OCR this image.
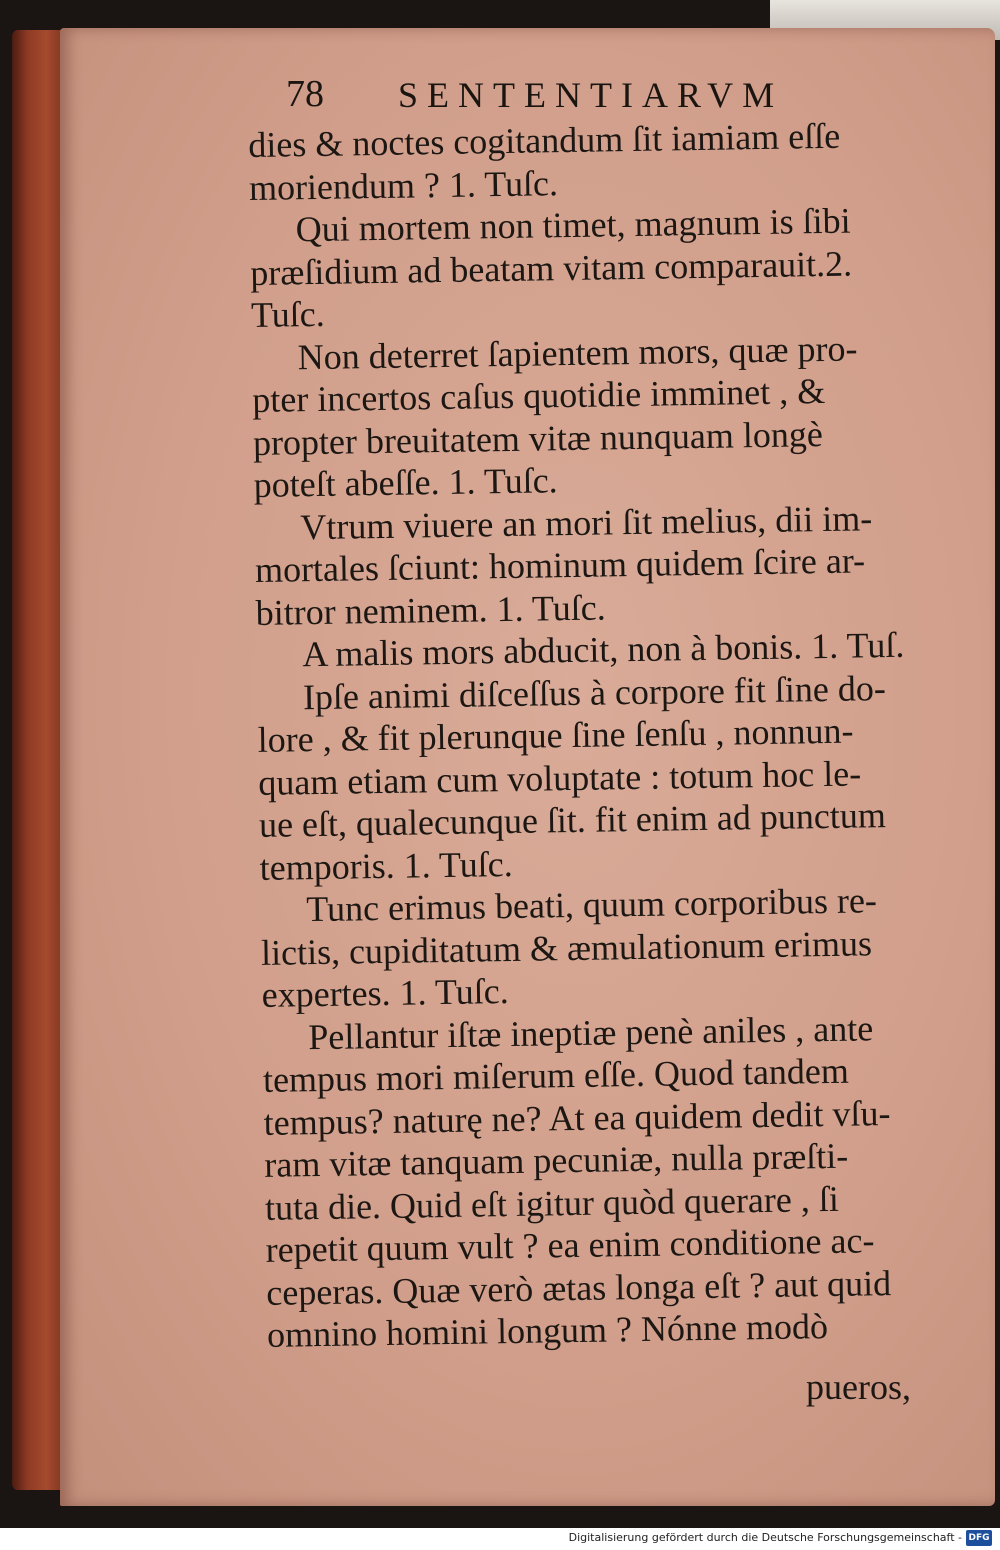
78 SENTENTIARVM
dies & noctes cogitandum ſit iamiam eſſe
moriendum ? 1. Tuſc.
Qui mortem non timet, magnum is ſibi
præſidium ad beatam vitam comparauit.2.
Tuſc.
Non deterret ſapientem mors, quæ pro-
pter incertos caſus quotidie imminet , &
propter breuitatem vitæ nunquam longè
poteſt abeſſe. 1. Tuſc.
Vtrum viuere an mori ſit melius, dii im-
mortales ſciunt: hominum quidem ſcire ar-
bitror neminem. 1. Tuſc.
A malis mors abducit, non à bonis. 1. Tuſ.
Ipſe animi diſceſſus à corpore fit ſine do-
lore , & fit plerunque ſine ſenſu , nonnun-
quam etiam cum voluptate : totum hoc le-
ue eſt, qualecunque ſit. fit enim ad punctum
temporis. 1. Tuſc.
Tunc erimus beati, quum corporibus re-
lictis, cupiditatum & æmulationum erimus
expertes. 1. Tuſc.
Pellantur iſtæ ineptiæ penè aniles , ante
tempus mori miſerum eſſe. Quod tandem
tempus? naturę ne? At ea quidem dedit vſu-
ram vitæ tanquam pecuniæ, nulla præſti-
tuta die. Quid eſt igitur quòd querare , ſi
repetit quum vult ? ea enim conditione ac-
ceperas. Quæ verò ætas longa eſt ? aut quid
omnino homini longum ? Nónne modò
pueros,
Digitalisierung gefördert durch die Deutsche Forschungsgemeinschaft - DFG
